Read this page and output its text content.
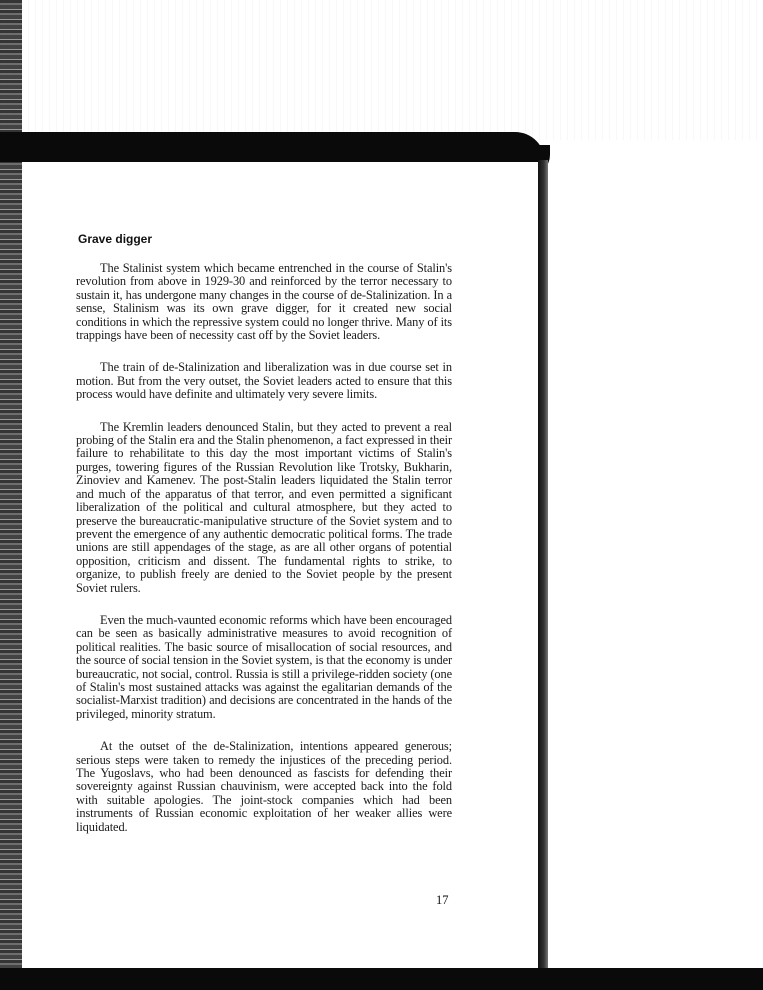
Grave digger

The Stalinist system which became entrenched in the course of Stalin's revolution from above in 1929-30 and reinforced by the terror necessary to sustain it, has undergone many changes in the course of de-Stalinization. In a sense, Stalinism was its own grave digger, for it created new social conditions in which the repressive system could no longer thrive. Many of its trappings have been of necessity cast off by the Soviet leaders.

The train of de-Stalinization and liberalization was in due course set in motion. But from the very outset, the Soviet leaders acted to ensure that this process would have definite and ultimately very severe limits.

The Kremlin leaders denounced Stalin, but they acted to prevent a real probing of the Stalin era and the Stalin phenomenon, a fact expressed in their failure to rehabilitate to this day the most important victims of Stalin's purges, towering figures of the Russian Revolution like Trotsky, Bukharin, Zinoviev and Kamenev. The post-Stalin leaders liquidated the Stalin terror and much of the apparatus of that terror, and even permitted a significant liberalization of the political and cultural atmosphere, but they acted to preserve the bureaucratic-manipulative structure of the Soviet system and to prevent the emergence of any authentic democratic political forms. The trade unions are still appendages of the stage, as are all other organs of potential opposition, criticism and dissent. The fundamental rights to strike, to organize, to publish freely are denied to the Soviet people by the present Soviet rulers.

Even the much-vaunted economic reforms which have been encouraged can be seen as basically administrative measures to avoid recognition of political realities. The basic source of misallocation of social resources, and the source of social tension in the Soviet system, is that the economy is under bureaucratic, not social, control. Russia is still a privilege-ridden society (one of Stalin's most sustained attacks was against the egalitarian demands of the socialist-Marxist tradition) and decisions are concentrated in the hands of the privileged, minority stratum.

At the outset of the de-Stalinization, intentions appeared generous; serious steps were taken to remedy the injustices of the preceding period. The Yugoslavs, who had been denounced as fascists for defending their sovereignty against Russian chauvinism, were accepted back into the fold with suitable apologies. The joint-stock companies which had been instruments of Russian economic exploitation of her weaker allies were liquidated.

17
